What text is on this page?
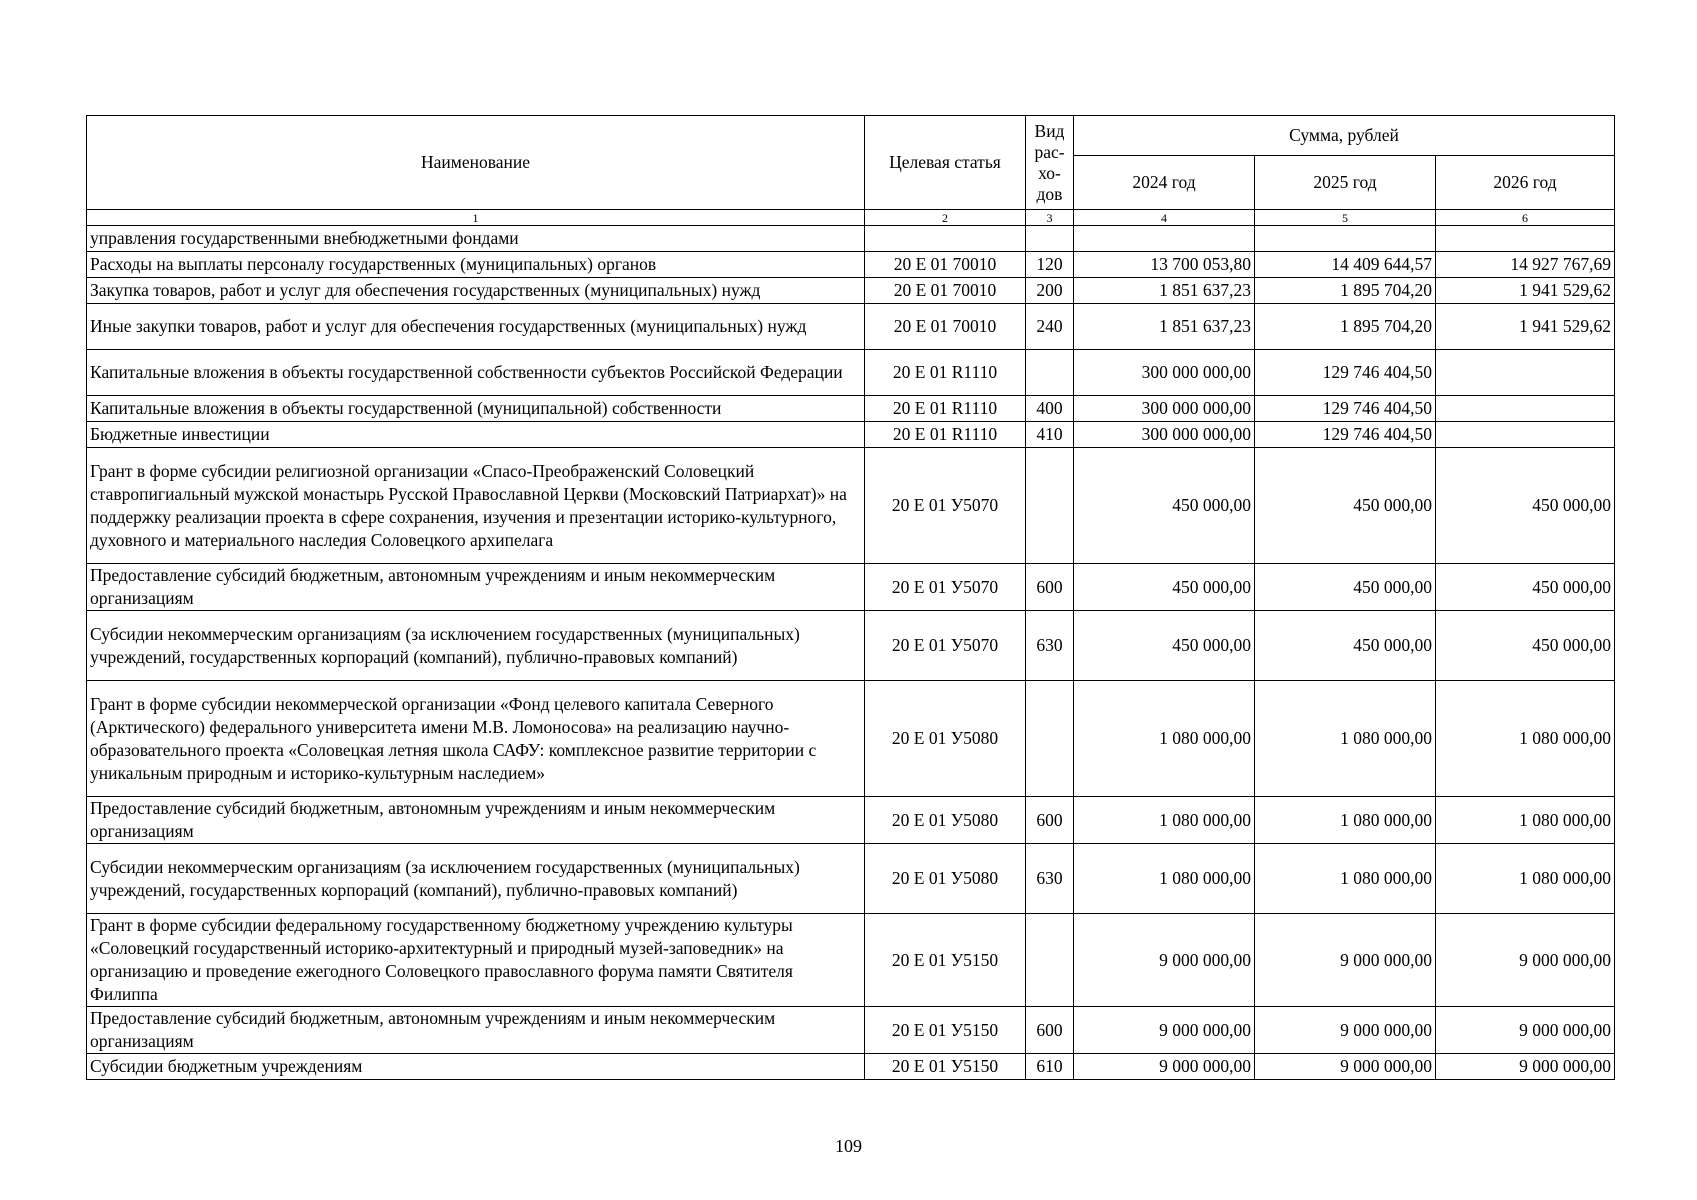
Наименование	Целевая статья	Вид рас-хо-дов	Сумма, рублей		
			2024 год	2025 год	2026 год
1	2	3	4	5	6
управления государственными внебюджетными фондами					
Расходы на выплаты персоналу государственных (муниципальных) органов	20 Е 01 70010	120	13 700 053,80	14 409 644,57	14 927 767,69
Закупка товаров, работ и услуг для обеспечения государственных (муниципальных) нужд	20 Е 01 70010	200	1 851 637,23	1 895 704,20	1 941 529,62
Иные закупки товаров, работ и услуг для обеспечения государственных (муниципальных) нужд	20 Е 01 70010	240	1 851 637,23	1 895 704,20	1 941 529,62
Капитальные вложения в объекты государственной собственности субъектов Российской Федерации	20 Е 01 R1110		300 000 000,00	129 746 404,50	
Капитальные вложения в объекты государственной (муниципальной) собственности	20 Е 01 R1110	400	300 000 000,00	129 746 404,50	
Бюджетные инвестиции	20 Е 01 R1110	410	300 000 000,00	129 746 404,50	
Грант в форме субсидии религиозной организации «Спасо-Преображенский Соловецкий ставропигиальный мужской монастырь Русской Православной Церкви (Московский Патриархат)» на поддержку реализации проекта в сфере сохранения, изучения и презентации историко-культурного, духовного и материального наследия Соловецкого архипелага	20 Е 01 У5070		450 000,00	450 000,00	450 000,00
Предоставление субсидий бюджетным, автономным учреждениям и иным некоммерческим организациям	20 Е 01 У5070	600	450 000,00	450 000,00	450 000,00
Субсидии некоммерческим организациям (за исключением государственных (муниципальных) учреждений, государственных корпораций (компаний), публично-правовых компаний)	20 Е 01 У5070	630	450 000,00	450 000,00	450 000,00
Грант в форме субсидии некоммерческой организации «Фонд целевого капитала Северного (Арктического) федерального университета имени М.В. Ломоносова» на реализацию научно-образовательного проекта «Соловецкая летняя школа САФУ: комплексное развитие территории с уникальным природным и историко-культурным наследием»	20 Е 01 У5080		1 080 000,00	1 080 000,00	1 080 000,00
Предоставление субсидий бюджетным, автономным учреждениям и иным некоммерческим организациям	20 Е 01 У5080	600	1 080 000,00	1 080 000,00	1 080 000,00
Субсидии некоммерческим организациям (за исключением государственных (муниципальных) учреждений, государственных корпораций (компаний), публично-правовых компаний)	20 Е 01 У5080	630	1 080 000,00	1 080 000,00	1 080 000,00
Грант в форме субсидии федеральному государственному бюджетному учреждению культуры «Соловецкий государственный историко-архитектурный и природный музей-заповедник» на организацию и проведение ежегодного Соловецкого православного форума памяти Святителя Филиппа	20 Е 01 У5150		9 000 000,00	9 000 000,00	9 000 000,00
Предоставление субсидий бюджетным, автономным учреждениям и иным некоммерческим организациям	20 Е 01 У5150	600	9 000 000,00	9 000 000,00	9 000 000,00
Субсидии бюджетным учреждениям	20 Е 01 У5150	610	9 000 000,00	9 000 000,00	9 000 000,00
109
